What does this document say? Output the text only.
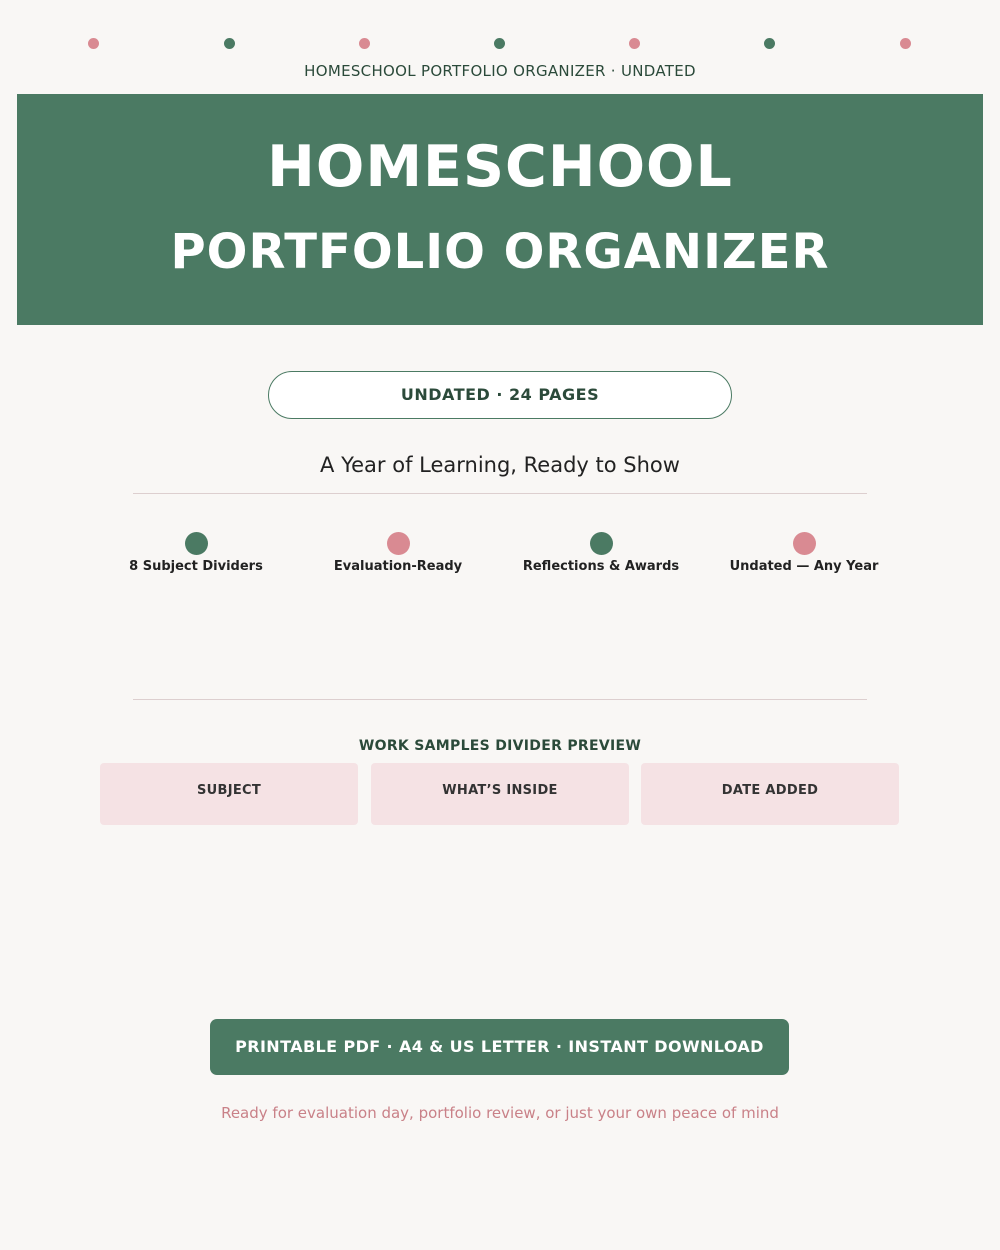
HOMESCHOOL PORTFOLIO ORGANIZER · UNDATED
HOMESCHOOL
PORTFOLIO ORGANIZER
UNDATED · 24 PAGES
A Year of Learning, Ready to Show
8 Subject Dividers	Evaluation-Ready	Reflections & Awards	Undated — Any Year
WORK SAMPLES DIVIDER PREVIEW
SUBJECT	WHAT’S INSIDE	DATE ADDED
PRINTABLE PDF · A4 & US LETTER · INSTANT DOWNLOAD
Ready for evaluation day, portfolio review, or just your own peace of mind
